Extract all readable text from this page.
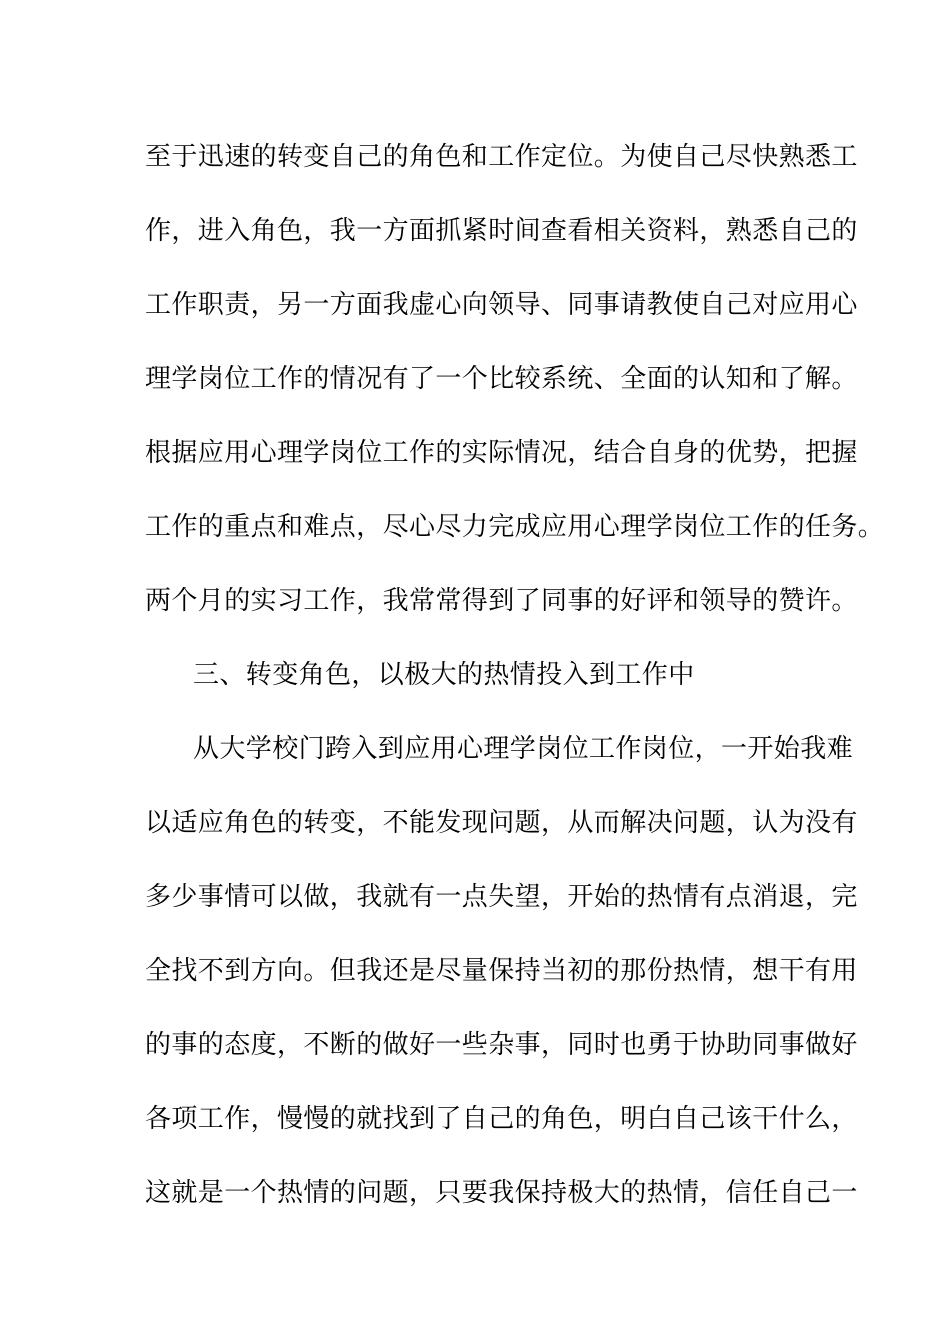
至于迅速的转变自己的角色和工作定位。为使自己尽快熟悉工
作，进入角色，我一方面抓紧时间查看相关资料，熟悉自己的
工作职责，另一方面我虚心向领导、同事请教使自己对应用心
理学岗位工作的情况有了一个比较系统、全面的认知和了解。
根据应用心理学岗位工作的实际情况，结合自身的优势，把握
工作的重点和难点，尽心尽力完成应用心理学岗位工作的任务。
两个月的实习工作，我常常得到了同事的好评和领导的赞许。
三、转变角色，以极大的热情投入到工作中
从大学校门跨入到应用心理学岗位工作岗位，一开始我难
以适应角色的转变，不能发现问题，从而解决问题，认为没有
多少事情可以做，我就有一点失望，开始的热情有点消退，完
全找不到方向。但我还是尽量保持当初的那份热情，想干有用
的事的态度，不断的做好一些杂事，同时也勇于协助同事做好
各项工作，慢慢的就找到了自己的角色，明白自己该干什么，
这就是一个热情的问题，只要我保持极大的热情，信任自己一
